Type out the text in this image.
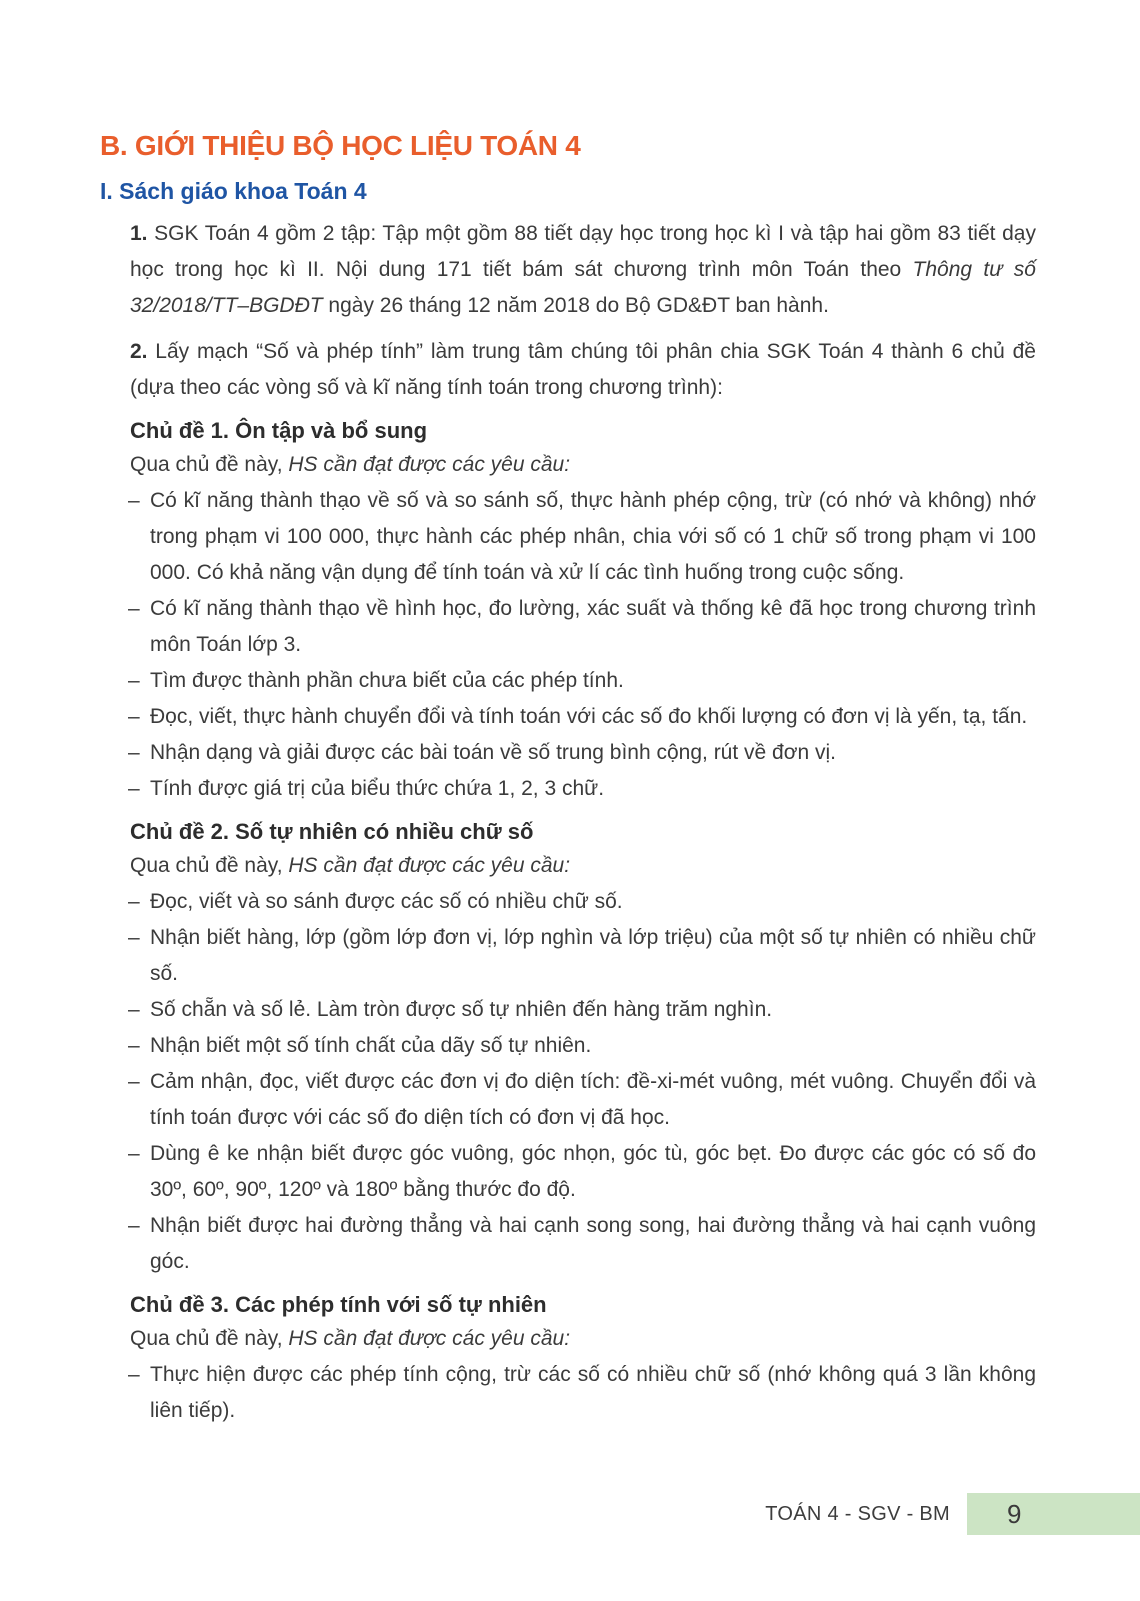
B. GIỚI THIỆU BỘ HỌC LIỆU TOÁN 4
I. Sách giáo khoa Toán 4

1. SGK Toán 4 gồm 2 tập: Tập một gồm 88 tiết dạy học trong học kì I và tập hai gồm 83 tiết dạy học trong học kì II. Nội dung 171 tiết bám sát chương trình môn Toán theo Thông tư số 32/2018/TT–BGDĐT ngày 26 tháng 12 năm 2018 do Bộ GD&ĐT ban hành.

2. Lấy mạch “Số và phép tính” làm trung tâm chúng tôi phân chia SGK Toán 4 thành 6 chủ đề (dựa theo các vòng số và kĩ năng tính toán trong chương trình):

Chủ đề 1. Ôn tập và bổ sung

Qua chủ đề này, HS cần đạt được các yêu cầu:

– Có kĩ năng thành thạo về số và so sánh số, thực hành phép cộng, trừ (có nhớ và không) nhớ trong phạm vi 100 000, thực hành các phép nhân, chia với số có 1 chữ số trong phạm vi 100 000. Có khả năng vận dụng để tính toán và xử lí các tình huống trong cuộc sống.
– Có kĩ năng thành thạo về hình học, đo lường, xác suất và thống kê đã học trong chương trình môn Toán lớp 3.
– Tìm được thành phần chưa biết của các phép tính.
– Đọc, viết, thực hành chuyển đổi và tính toán với các số đo khối lượng có đơn vị là yến, tạ, tấn.
– Nhận dạng và giải được các bài toán về số trung bình cộng, rút về đơn vị.
– Tính được giá trị của biểu thức chứa 1, 2, 3 chữ.
Chủ đề 2. Số tự nhiên có nhiều chữ số

Qua chủ đề này, HS cần đạt được các yêu cầu:

– Đọc, viết và so sánh được các số có nhiều chữ số.
– Nhận biết hàng, lớp (gồm lớp đơn vị, lớp nghìn và lớp triệu) của một số tự nhiên có nhiều chữ số.
– Số chẵn và số lẻ. Làm tròn được số tự nhiên đến hàng trăm nghìn.
– Nhận biết một số tính chất của dãy số tự nhiên.
– Cảm nhận, đọc, viết được các đơn vị đo diện tích: đề-xi-mét vuông, mét vuông. Chuyển đổi và tính toán được với các số đo diện tích có đơn vị đã học.
– Dùng ê ke nhận biết được góc vuông, góc nhọn, góc tù, góc bẹt. Đo được các góc có số đo 30º, 60º, 90º, 120º và 180º bằng thước đo độ.
– Nhận biết được hai đường thẳng và hai cạnh song song, hai đường thẳng và hai cạnh vuông góc.
Chủ đề 3. Các phép tính với số tự nhiên

Qua chủ đề này, HS cần đạt được các yêu cầu:

– Thực hiện được các phép tính cộng, trừ các số có nhiều chữ số (nhớ không quá 3 lần không liên tiếp).
TOÁN 4 - SGV - BM	9
